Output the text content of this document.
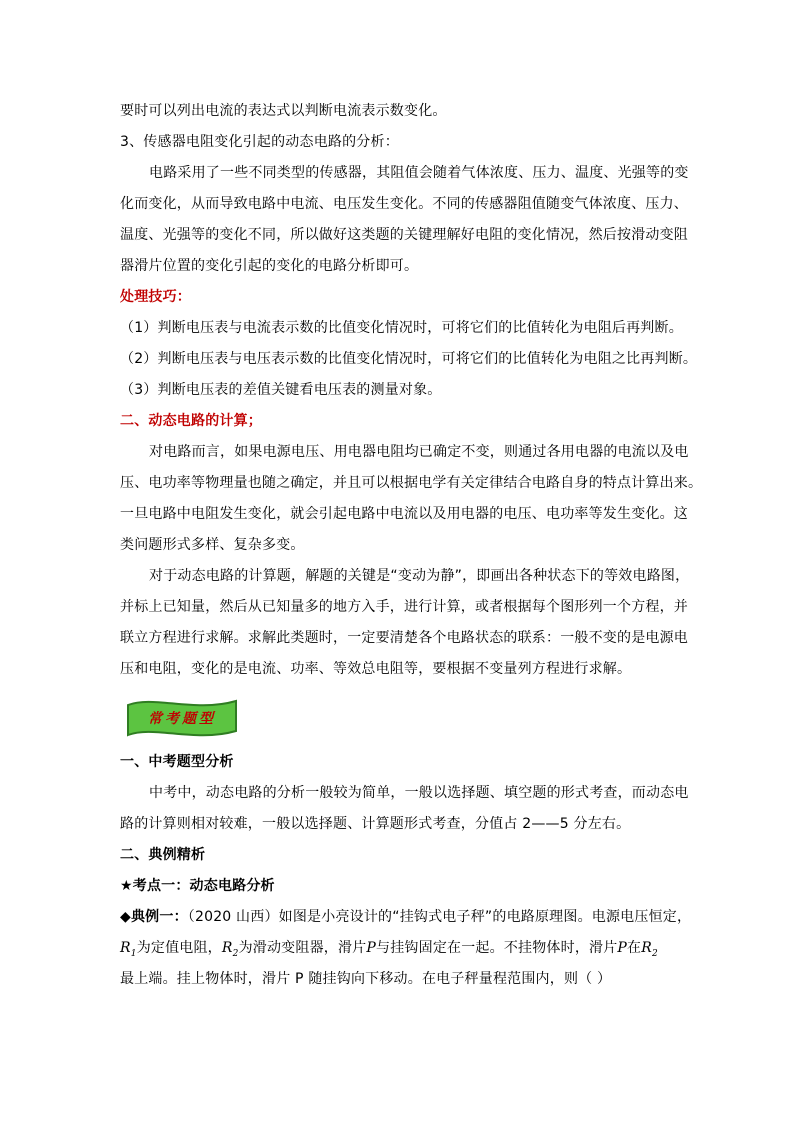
要时可以列出电流的表达式以判断电流表示数变化。
3、传感器电阻变化引起的动态电路的分析：
电路采用了一些不同类型的传感器，其阻值会随着气体浓度、压力、温度、光强等的变
化而变化，从而导致电路中电流、电压发生变化。不同的传感器阻值随变气体浓度、压力、
温度、光强等的变化不同，所以做好这类题的关键理解好电阻的变化情况，然后按滑动变阻
器滑片位置的变化引起的变化的电路分析即可。
处理技巧：
（1）判断电压表与电流表示数的比值变化情况时，可将它们的比值转化为电阻后再判断。
（2）判断电压表与电压表示数的比值变化情况时，可将它们的比值转化为电阻之比再判断。
（3）判断电压表的差值关键看电压表的测量对象。
二、动态电路的计算；
对电路而言，如果电源电压、用电器电阻均已确定不变，则通过各用电器的电流以及电
压、电功率等物理量也随之确定，并且可以根据电学有关定律结合电路自身的特点计算出来。
一旦电路中电阻发生变化，就会引起电路中电流以及用电器的电压、电功率等发生变化。这
类问题形式多样、复杂多变。
对于动态电路的计算题，解题的关键是“变动为静”，即画出各种状态下的等效电路图，
并标上已知量，然后从已知量多的地方入手，进行计算，或者根据每个图形列一个方程，并
联立方程进行求解。求解此类题时，一定要清楚各个电路状态的联系：一般不变的是电源电
压和电阻，变化的是电流、功率、等效总电阻等，要根据不变量列方程进行求解。
常考题型
一、中考题型分析
中考中，动态电路的分析一般较为简单，一般以选择题、填空题的形式考查，而动态电
路的计算则相对较难，一般以选择题、计算题形式考查，分值占 2——5 分左右。
二、典例精析
★考点一：动态电路分析
◆典例一：（2020 山西）如图是小亮设计的“挂钩式电子秤”的电路原理图。电源电压恒定，
$R_1$为定值电阻，$R_2$为滑动变阻器，滑片P与挂钩固定在一起。不挂物体时，滑片P在$R_2$
最上端。挂上物体时，滑片 P 随挂钩向下移动。在电子秤量程范围内，则（ ）
